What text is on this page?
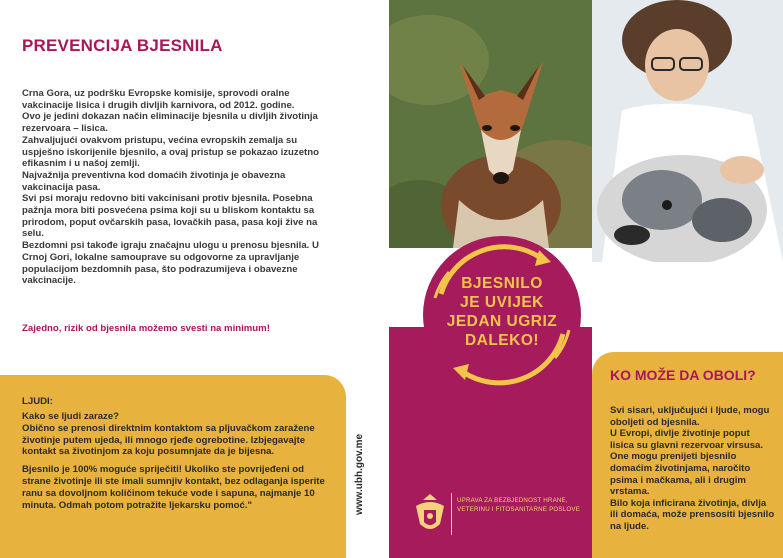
PREVENCIJA BJESNILA

Crna Gora, uz podršku Evropske komisije, sprovodi oralne vakcinacije lisica i drugih divljih karnivora, od 2012. godine.

Ovo je jedini dokazan način eliminacije bjesnila u divljih životinja rezervoara – lisica.

Zahvaljujući ovakvom pristupu, većina evropskih zemalja su uspješno iskorijenile bjesnilo, a ovaj pristup se pokazao izuzetno efikasnim i u našoj zemlji.

Najvažnija preventivna kod domaćih životinja je obavezna vakcinacija pasa.

Svi psi moraju redovno biti vakcinisani protiv bjesnila. Posebna pažnja mora biti posvećena psima koji su u bliskom kontaktu sa prirodom, poput ovčarskih pasa, lovačkih pasa, pasa koji žive na selu.

Bezdomni psi takođe igraju značajnu ulogu u prenosu bjesnila. U Crnoj Gori, lokalne samouprave su odgovorne za upravljanje populacijom bezdomnih pasa, što podrazumijeva i obavezne vakcinacije.

Zajedno, rizik od bjesnila možemo svesti na minimum!
LJUDI:

Kako se ljudi zaraze?
Obično se prenosi direktnim kontaktom sa pljuvačkom zaražene životinje putem ujeda, ili mnogo rjeđe ogrebotine. Izbjegavajte kontakt sa životinjom za koju posumnjate da je bijesna.

Bjesnilo je 100% moguće spriječiti! Ukoliko ste povrijeđeni od strane životinje ili ste imali sumnjiv kontakt, bez odlaganja isperite ranu sa dovoljnom količinom tekuće vode i sapuna, najmanje 10 minuta. Odmah potom potražite ljekarsku pomoć."	www.ubh.gov.me
BJESNILO
JE UVIJEK
JEDAN UGRIZ
DALEKO!
UPRAVA ZA BEZBJEDNOST HRANE,
VETERINU I FITOSANITARNE POSLOVE
KO MOŽE DA OBOLI?

Svi sisari, uključujući i ljude, mogu oboljeti od bjesnila.

U Evropi, divlje životinje poput lisica su glavni rezervoar virsusa.

One mogu prenijeti bjesnilo domaćim životinjama, naročito psima i mačkama, ali i drugim vrstama.

Bilo koja inficirana životinja, divlja ili domaća, može prensositi bjesnilo na ljude.
